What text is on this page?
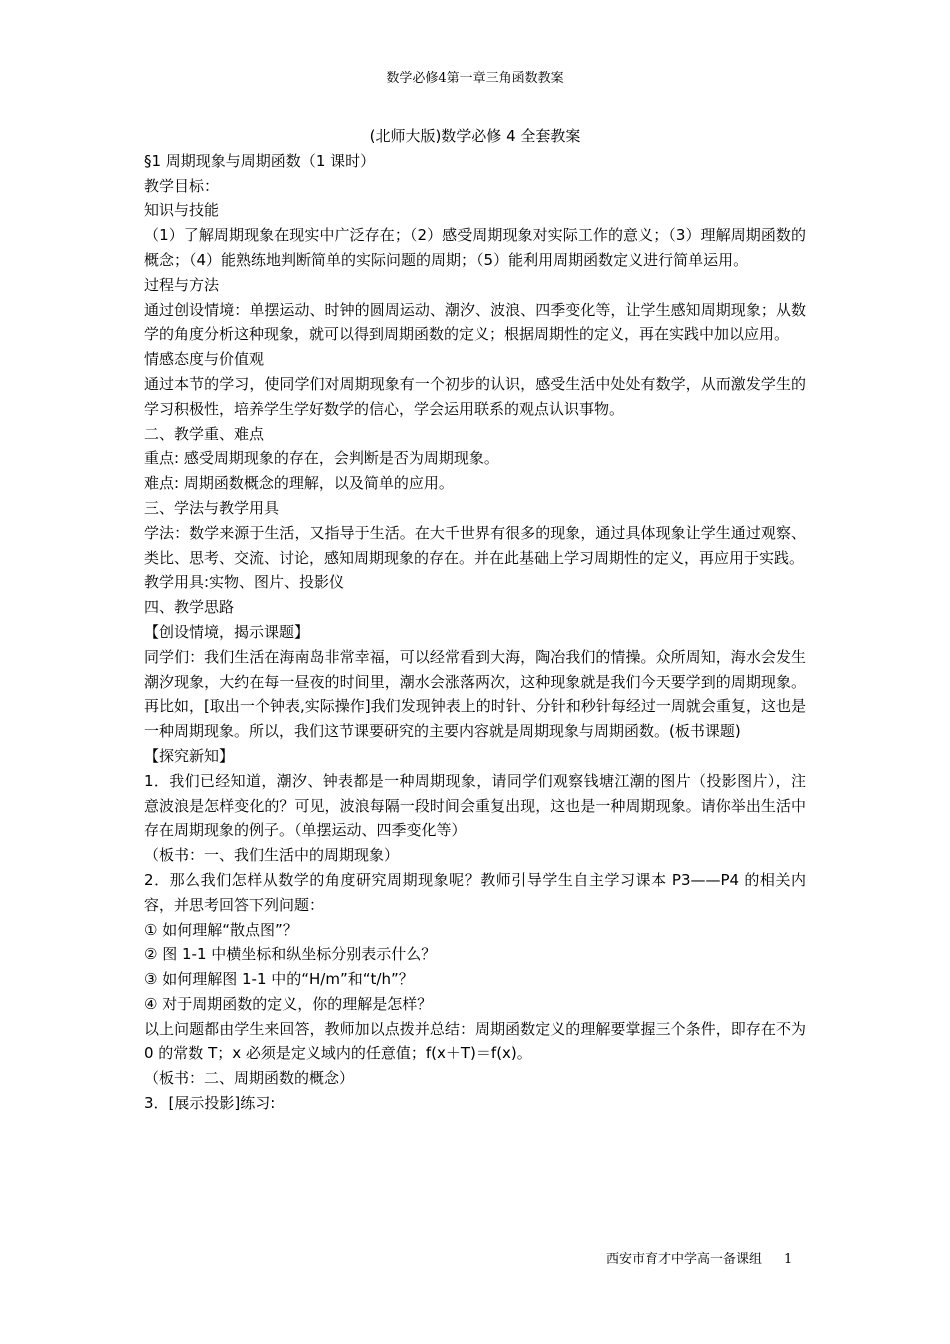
数学必修4第一章三角函数教案
(北师大版)数学必修 4 全套教案

§1 周期现象与周期函数（1 课时）

教学目标：

知识与技能

（1）了解周期现象在现实中广泛存在；（2）感受周期现象对实际工作的意义；（3）理解周期函数的概念；（4）能熟练地判断简单的实际问题的周期；（5）能利用周期函数定义进行简单运用。

过程与方法

通过创设情境：单摆运动、时钟的圆周运动、潮汐、波浪、四季变化等，让学生感知周期现象；从数学的角度分析这种现象，就可以得到周期函数的定义；根据周期性的定义，再在实践中加以应用。

情感态度与价值观

通过本节的学习，使同学们对周期现象有一个初步的认识，感受生活中处处有数学，从而激发学生的学习积极性，培养学生学好数学的信心，学会运用联系的观点认识事物。

二、教学重、难点

重点: 感受周期现象的存在，会判断是否为周期现象。

难点: 周期函数概念的理解，以及简单的应用。

三、学法与教学用具

学法：数学来源于生活，又指导于生活。在大千世界有很多的现象，通过具体现象让学生通过观察、类比、思考、交流、讨论，感知周期现象的存在。并在此基础上学习周期性的定义，再应用于实践。

教学用具:实物、图片、投影仪

四、教学思路

【创设情境，揭示课题】

同学们：我们生活在海南岛非常幸福，可以经常看到大海，陶冶我们的情操。众所周知，海水会发生潮汐现象，大约在每一昼夜的时间里，潮水会涨落两次，这种现象就是我们今天要学到的周期现象。再比如，[取出一个钟表,实际操作]我们发现钟表上的时针、分针和秒针每经过一周就会重复，这也是一种周期现象。所以，我们这节课要研究的主要内容就是周期现象与周期函数。(板书课题)

【探究新知】

1．我们已经知道，潮汐、钟表都是一种周期现象，请同学们观察钱塘江潮的图片（投影图片），注意波浪是怎样变化的？可见，波浪每隔一段时间会重复出现，这也是一种周期现象。请你举出生活中存在周期现象的例子。（单摆运动、四季变化等）

（板书：一、我们生活中的周期现象）

2．那么我们怎样从数学的角度研究周期现象呢？教师引导学生自主学习课本 P3——P4 的相关内容，并思考回答下列问题：

① 如何理解“散点图”？

② 图 1-1 中横坐标和纵坐标分别表示什么？

③ 如何理解图 1-1 中的“H/m”和“t/h”？

④ 对于周期函数的定义，你的理解是怎样？

以上问题都由学生来回答，教师加以点拨并总结：周期函数定义的理解要掌握三个条件，即存在不为 0 的常数 T；x 必须是定义域内的任意值；f(x＋T)＝f(x)。

（板书：二、周期函数的概念）

3．[展示投影]练习:

西安市育才中学高一备课组 1
